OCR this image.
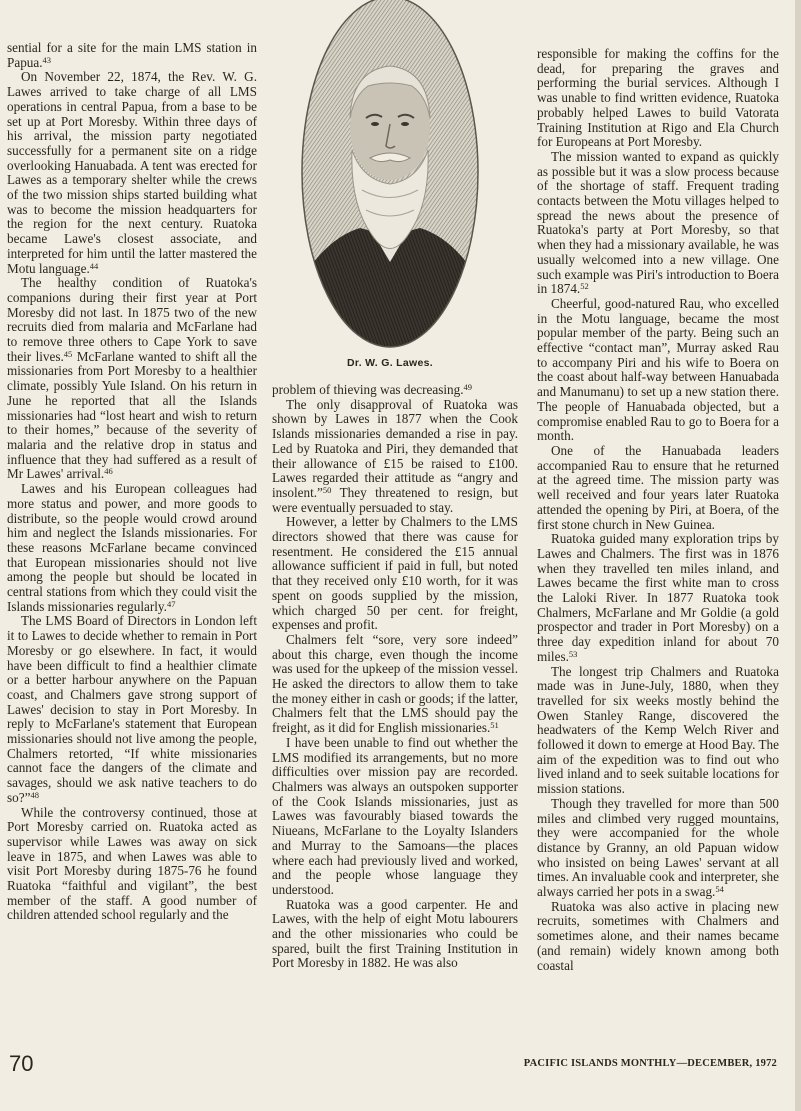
sential for a site for the main LMS station in Papua.$^{43}$

On November 22, 1874, the Rev. W. G. Lawes arrived to take charge of all LMS operations in central Papua, from a base to be set up at Port Moresby. Within three days of his arrival, the mission party negotiated successfully for a permanent site on a ridge overlooking Hanuabada. A tent was erected for Lawes as a temporary shelter while the crews of the two mission ships started building what was to become the mission headquarters for the region for the next century. Ruatoka became Lawe's closest associate, and interpreted for him until the latter mastered the Motu language.$^{44}$

The healthy condition of Ruatoka's companions during their first year at Port Moresby did not last. In 1875 two of the new recruits died from malaria and McFarlane had to remove three others to Cape York to save their lives.$^{45}$ McFarlane wanted to shift all the missionaries from Port Moresby to a healthier climate, possibly Yule Island. On his return in June he reported that all the Islands missionaries had “lost heart and wish to return to their homes,” because of the severity of malaria and the relative drop in status and influence that they had suffered as a result of Mr Lawes' arrival.$^{46}$

Lawes and his European colleagues had more status and power, and more goods to distribute, so the people would crowd around him and neglect the Islands missionaries. For these reasons McFarlane became convinced that European missionaries should not live among the people but should be located in central stations from which they could visit the Islands missionaries regularly.$^{47}$

The LMS Board of Directors in London left it to Lawes to decide whether to remain in Port Moresby or go elsewhere. In fact, it would have been difficult to find a healthier climate or a better harbour anywhere on the Papuan coast, and Chalmers gave strong support of Lawes' decision to stay in Port Moresby. In reply to McFarlane's statement that European missionaries should not live among the people, Chalmers retorted, “If white missionaries cannot face the dangers of the climate and savages, should we ask native teachers to do so?”$^{48}$

While the controversy continued, those at Port Moresby carried on. Ruatoka acted as supervisor while Lawes was away on sick leave in 1875, and when Lawes was able to visit Port Moresby during 1875-76 he found Ruatoka “faithful and vigilant”, the best member of the staff. A good number of children attended school regularly and the

Dr. W. G. Lawes.

problem of thieving was decreasing.$^{49}$

The only disapproval of Ruatoka was shown by Lawes in 1877 when the Cook Islands missionaries demanded a rise in pay. Led by Ruatoka and Piri, they demanded that their allowance of £15 be raised to £100. Lawes regarded their attitude as “angry and insolent.”$^{50}$ They threatened to resign, but were eventually persuaded to stay.

However, a letter by Chalmers to the LMS directors showed that there was cause for resentment. He considered the £15 annual allowance sufficient if paid in full, but noted that they received only £10 worth, for it was spent on goods supplied by the mission, which charged 50 per cent. for freight, expenses and profit.

Chalmers felt “sore, very sore indeed” about this charge, even though the income was used for the upkeep of the mission vessel. He asked the directors to allow them to take the money either in cash or goods; if the latter, Chalmers felt that the LMS should pay the freight, as it did for English missionaries.$^{51}$

I have been unable to find out whether the LMS modified its arrangements, but no more difficulties over mission pay are recorded. Chalmers was always an outspoken supporter of the Cook Islands missionaries, just as Lawes was favourably biased towards the Niueans, McFarlane to the Loyalty Islanders and Murray to the Samoans—the places where each had previously lived and worked, and the people whose language they understood.

Ruatoka was a good carpenter. He and Lawes, with the help of eight Motu labourers and the other missionaries who could be spared, built the first Training Institution in Port Moresby in 1882. He was also

responsible for making the coffins for the dead, for preparing the graves and performing the burial services. Although I was unable to find written evidence, Ruatoka probably helped Lawes to build Vatorata Training Institution at Rigo and Ela Church for Europeans at Port Moresby.

The mission wanted to expand as quickly as possible but it was a slow process because of the shortage of staff. Frequent trading contacts between the Motu villages helped to spread the news about the presence of Ruatoka's party at Port Moresby, so that when they had a missionary available, he was usually welcomed into a new village. One such example was Piri's introduction to Boera in 1874.52

Cheerful, good-natured Rau, who excelled in the Motu language, became the most popular member of the party. Being such an effective “contact man”, Murray asked Rau to accompany Piri and his wife to Boera on the coast about half-way between Hanuabada and Manumanu) to set up a new station there. The people of Hanuabada objected, but a compromise enabled Rau to go to Boera for a month.

One of the Hanuabada leaders accompanied Rau to ensure that he returned at the agreed time. The mission party was well received and four years later Ruatoka attended the opening by Piri, at Boera, of the first stone church in New Guinea.

Ruatoka guided many exploration trips by Lawes and Chalmers. The first was in 1876 when they travelled ten miles inland, and Lawes became the first white man to cross the Laloki River. In 1877 Ruatoka took Chalmers, McFarlane and Mr Goldie (a gold prospector and trader in Port Moresby) on a three day expedition inland for about 70 miles.$^{53}$

The longest trip Chalmers and Ruatoka made was in June-July, 1880, when they travelled for six weeks mostly behind the Owen Stanley Range, discovered the headwaters of the Kemp Welch River and followed it down to emerge at Hood Bay. The aim of the expedition was to find out who lived inland and to seek suitable locations for mission stations.

Though they travelled for more than 500 miles and climbed very rugged mountains, they were accompanied for the whole distance by Granny, an old Papuan widow who insisted on being Lawes' servant at all times. An invaluable cook and interpreter, she always carried her pots in a swag.$^{54}$

Ruatoka was also active in placing new recruits, sometimes with Chalmers and sometimes alone, and their names became (and remain) widely known among both coastal

70	PACIFIC ISLANDS MONTHLY—DECEMBER, 1972
